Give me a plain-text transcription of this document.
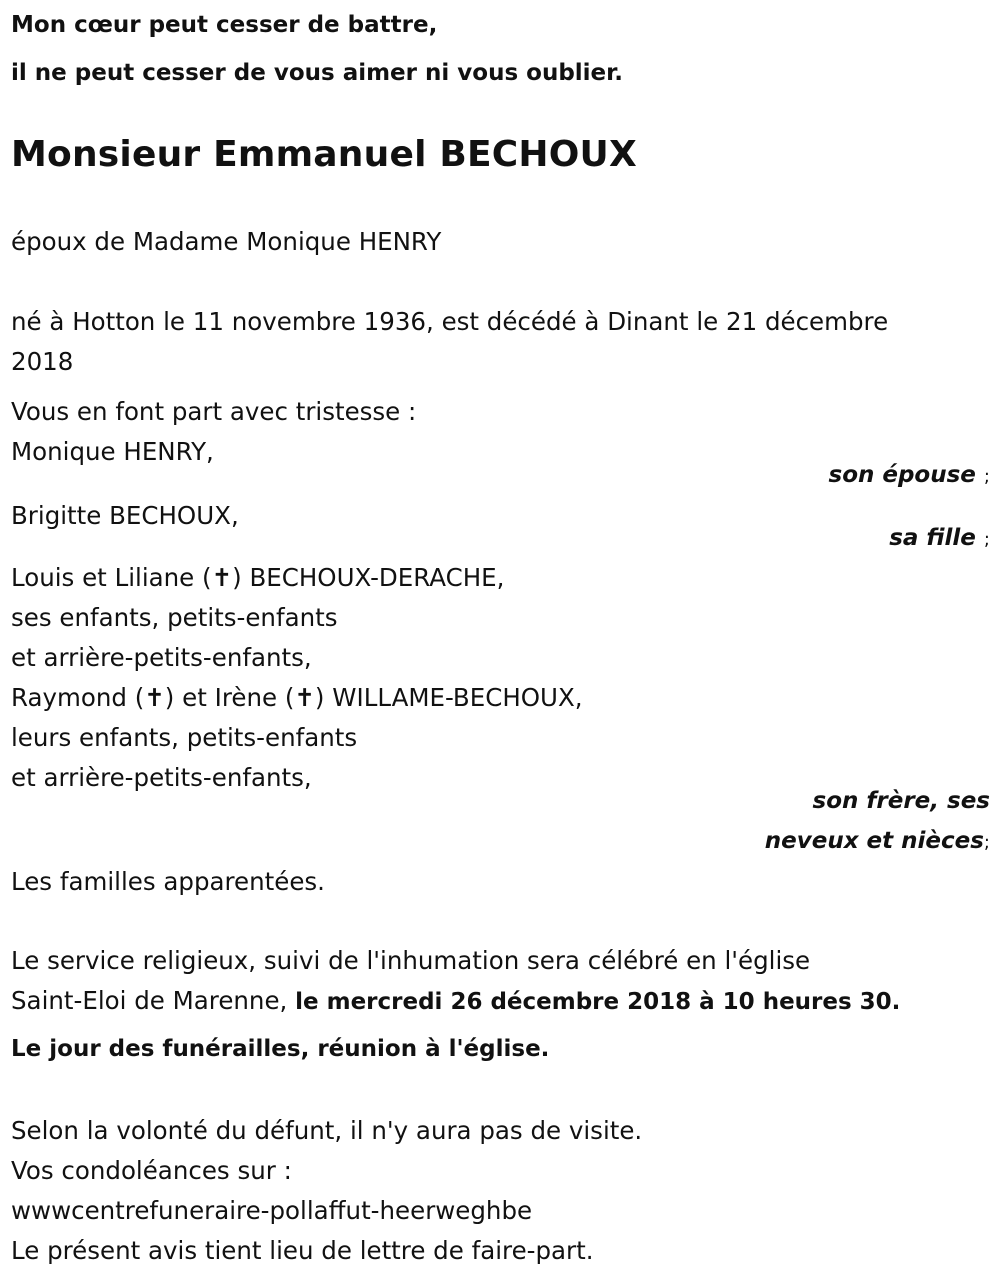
Mon cœur peut cesser de battre,
il ne peut cesser de vous aimer ni vous oublier.
Monsieur Emmanuel BECHOUX
époux de Madame Monique HENRY
né à Hotton le 11 novembre 1936, est décédé à Dinant le 21 décembre
2018
Vous en font part avec tristesse :
Monique HENRY,
son épouse ;
Brigitte BECHOUX,
sa fille ;
Louis et Liliane (✝) BECHOUX-DERACHE,
ses enfants, petits-enfants
et arrière-petits-enfants,
Raymond (✝) et Irène (✝) WILLAME-BECHOUX,
leurs enfants, petits-enfants
et arrière-petits-enfants,
son frère, ses
neveux et nièces;
Les familles apparentées.
Le service religieux, suivi de l'inhumation sera célébré en l'église
Saint-Eloi de Marenne, le mercredi 26 décembre 2018 à 10 heures 30.
Le jour des funérailles, réunion à l'église.
Selon la volonté du défunt, il n'y aura pas de visite.
Vos condoléances sur :
wwwcentrefuneraire-pollaffut-heerweghbe
Le présent avis tient lieu de lettre de faire-part.
